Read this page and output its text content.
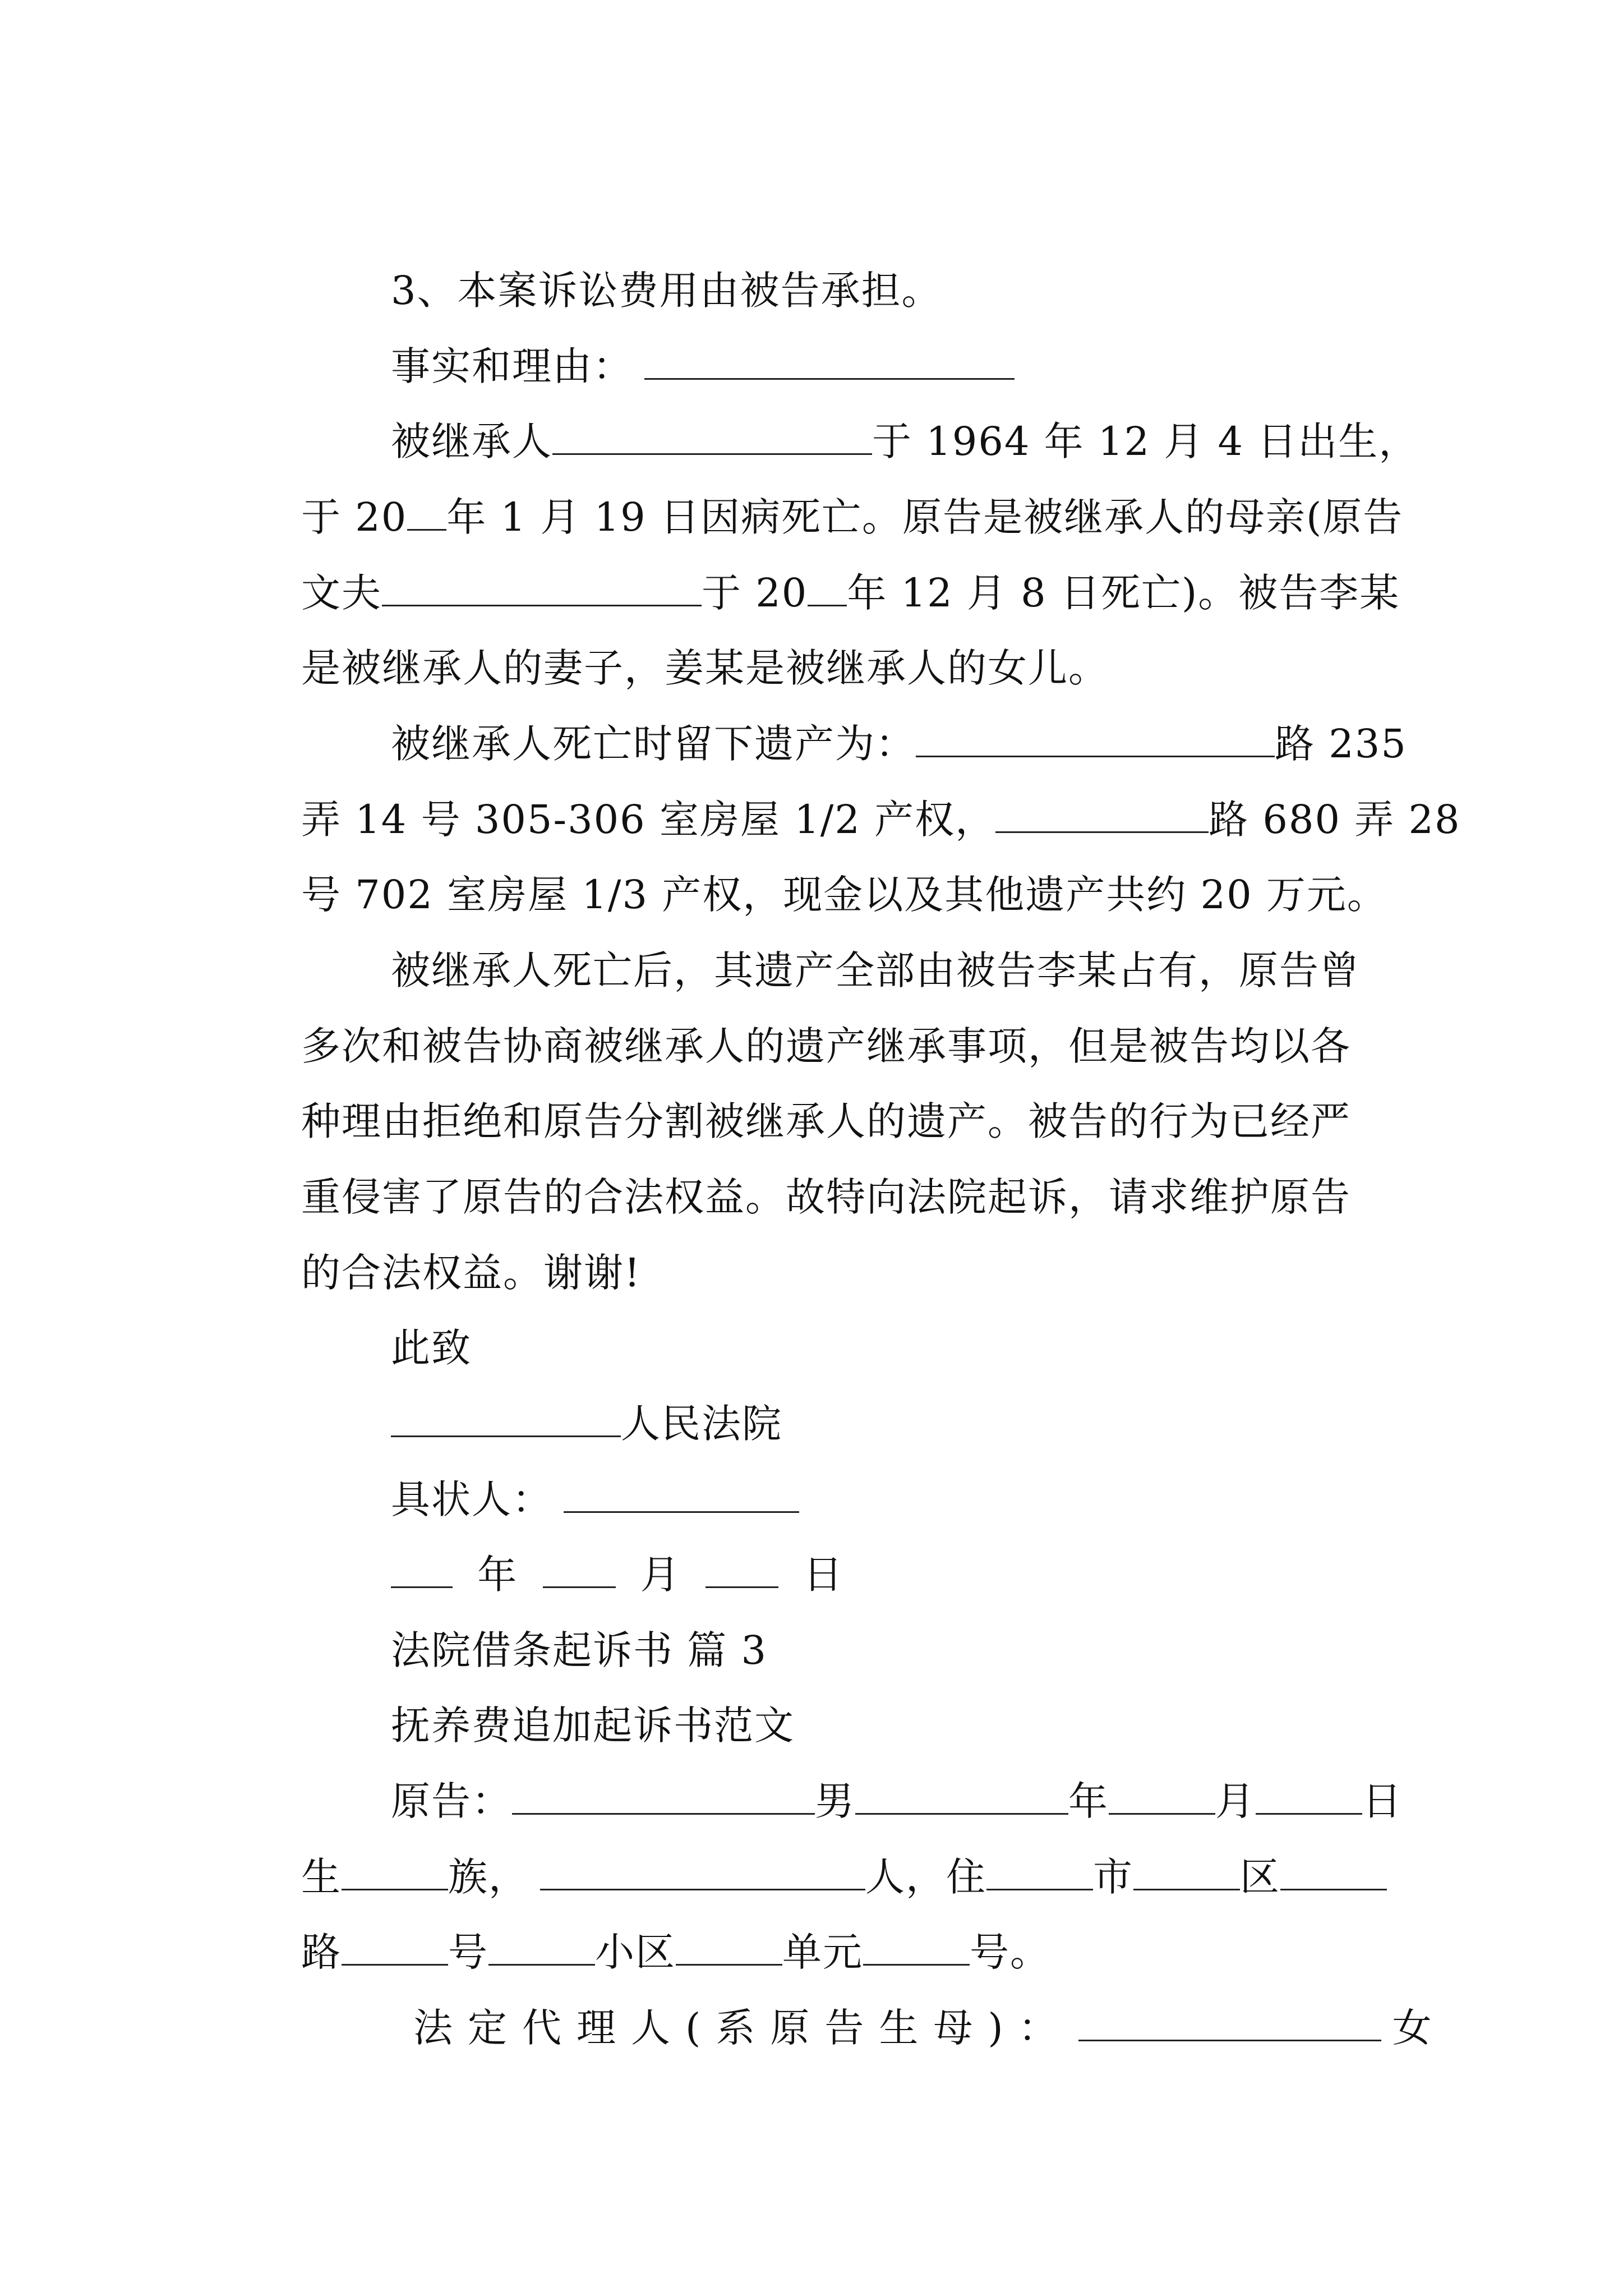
3、本案诉讼费用由被告承担。

事实和理由：

被继承人	于 1964 年 12 月 4 日出生，

于 20 年 1 月 19 日因病死亡。原告是被继承人的母亲(原告

文夫	于 20 年 12 月 8 日死亡)。被告李某

是被继承人的妻子，姜某是被继承人的女儿。

被继承人死亡时留下遗产为：	路 235

弄 14 号 305-306 室房屋 1/2 产权，	路 680 弄 28

号 702 室房屋 1/3 产权，现金以及其他遗产共约 20 万元。

被继承人死亡后，其遗产全部由被告李某占有，原告曾

多次和被告协商被继承人的遗产继承事项，但是被告均以各

种理由拒绝和原告分割被继承人的遗产。被告的行为已经严

重侵害了原告的合法权益。故特向法院起诉，请求维护原告

的合法权益。谢谢!

此致

人民法院

具状人：

年  月  日

法院借条起诉书 篇 3

抚养费追加起诉书范文

原告：	男	年	月	日

生	族，	人，住	市	区

路	号	小区	单元	号。

法定代理人(系原告生母)：	女
